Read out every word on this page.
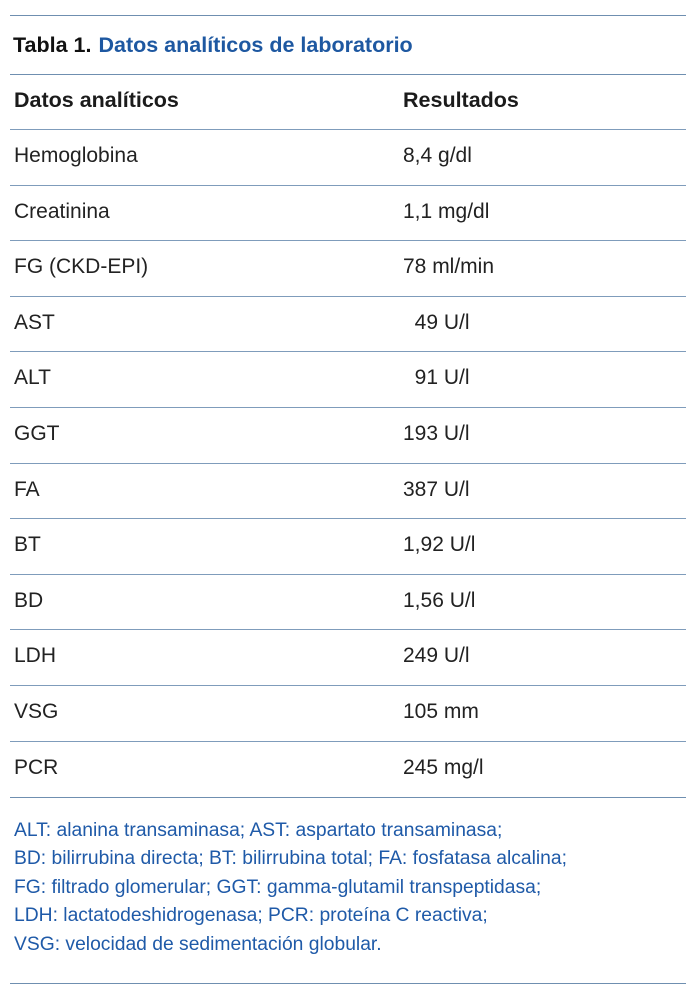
Tabla 1. Datos analíticos de laboratorio
Datos analíticos	Resultados
Hemoglobina	8,4 g/dl
Creatinina	1,1 mg/dl
FG (CKD-EPI)	78 ml/min
AST	49 U/l
ALT	91 U/l
GGT	193 U/l
FA	387 U/l
BT	1,92 U/l
BD	1,56 U/l
LDH	249 U/l
VSG	105 mm
PCR	245 mg/l
ALT: alanina transaminasa; AST: aspartato transaminasa;
BD: bilirrubina directa; BT: bilirrubina total; FA: fosfatasa alcalina;
FG: filtrado glomerular; GGT: gamma-glutamil transpeptidasa;
LDH: lactatodeshidrogenasa; PCR: proteína C reactiva;
VSG: velocidad de sedimentación globular.
